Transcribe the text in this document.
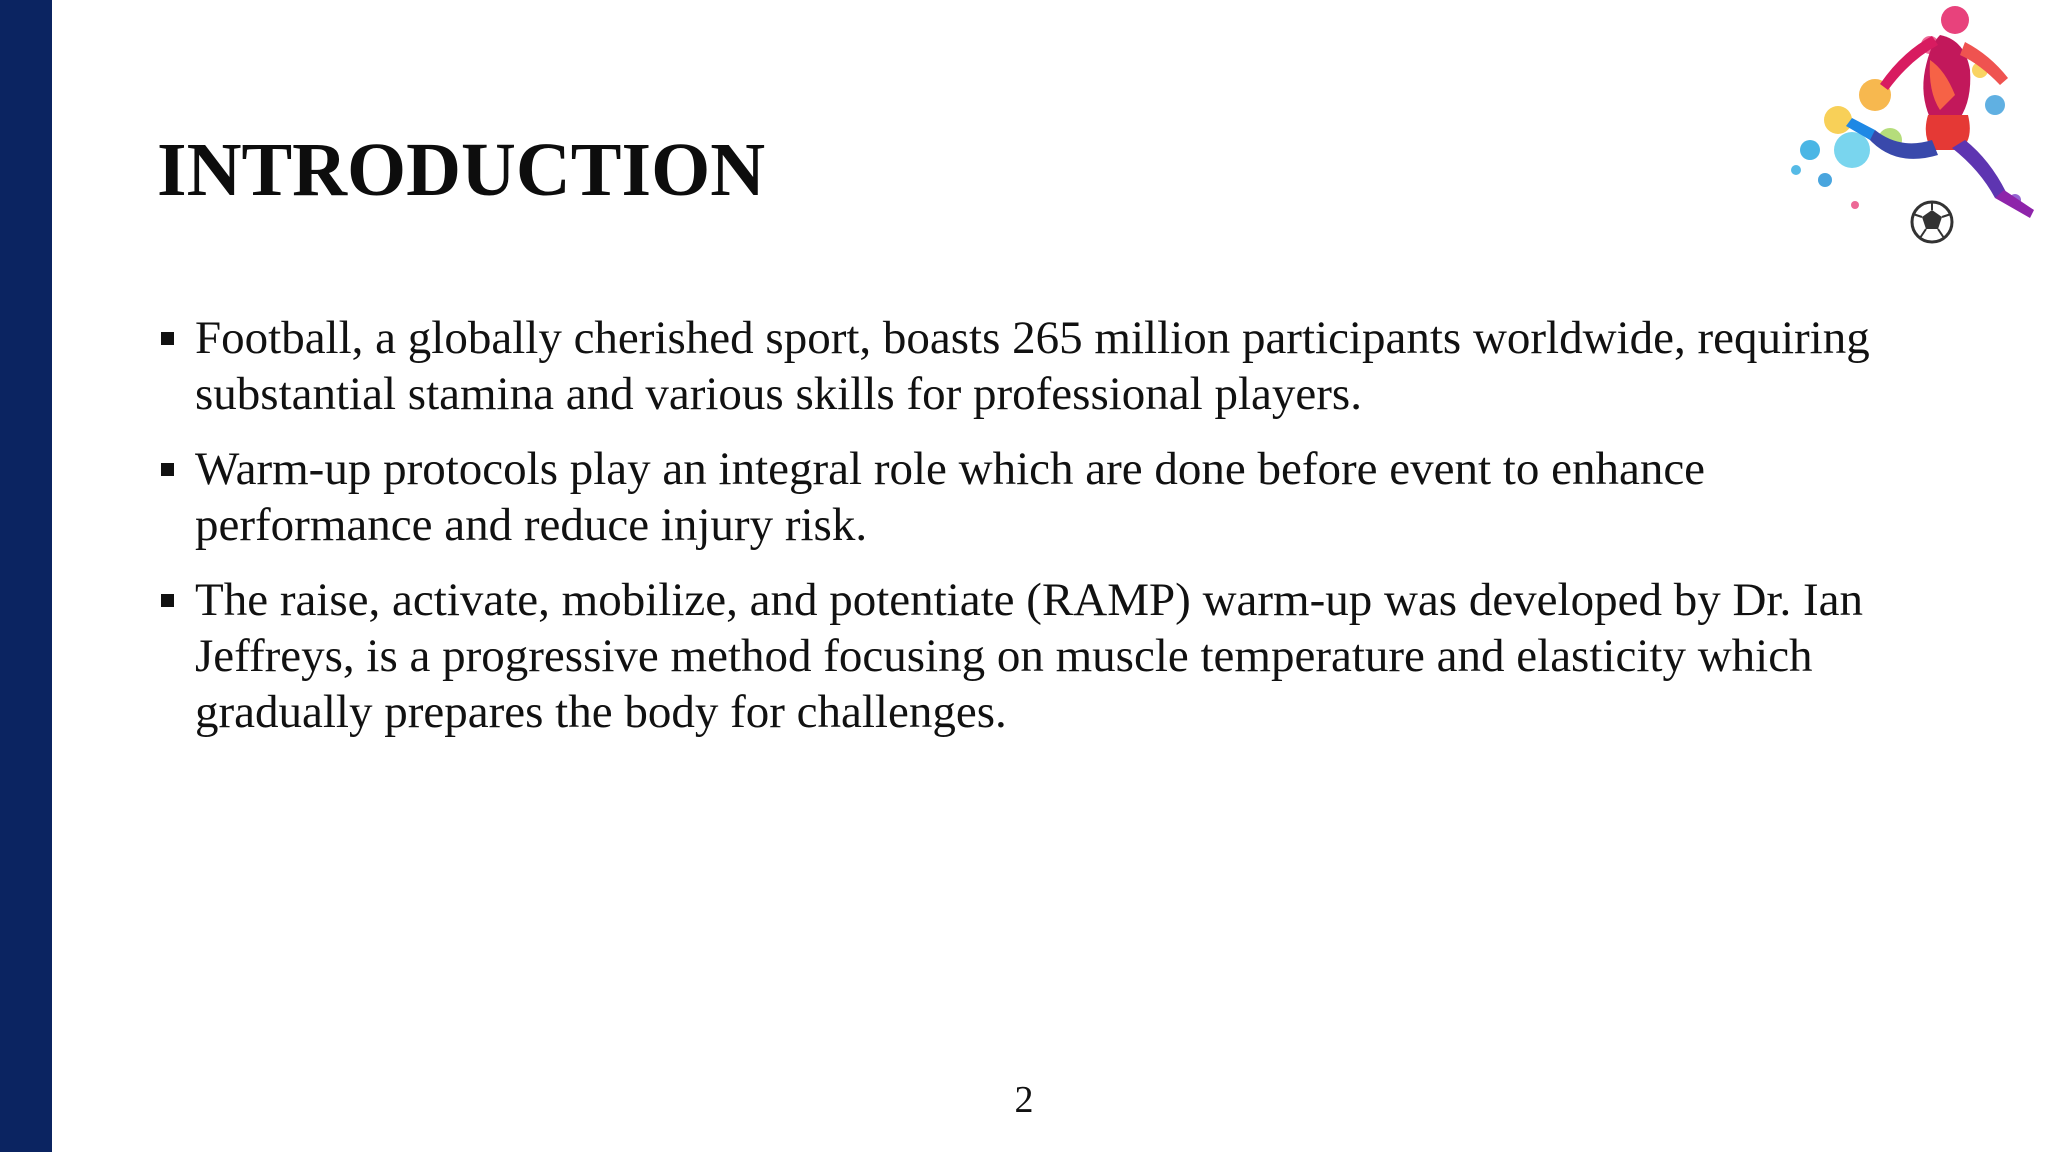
INTRODUCTION
Football, a globally cherished sport, boasts 265 million participants worldwide, requiring substantial stamina and various skills for professional players.
Warm-up protocols play an integral role which are done before event to enhance performance and reduce injury risk.
The raise, activate, mobilize, and potentiate (RAMP) warm-up was developed by Dr. Ian Jeffreys, is a progressive method focusing on muscle temperature and elasticity which gradually prepares the body for challenges.
2
